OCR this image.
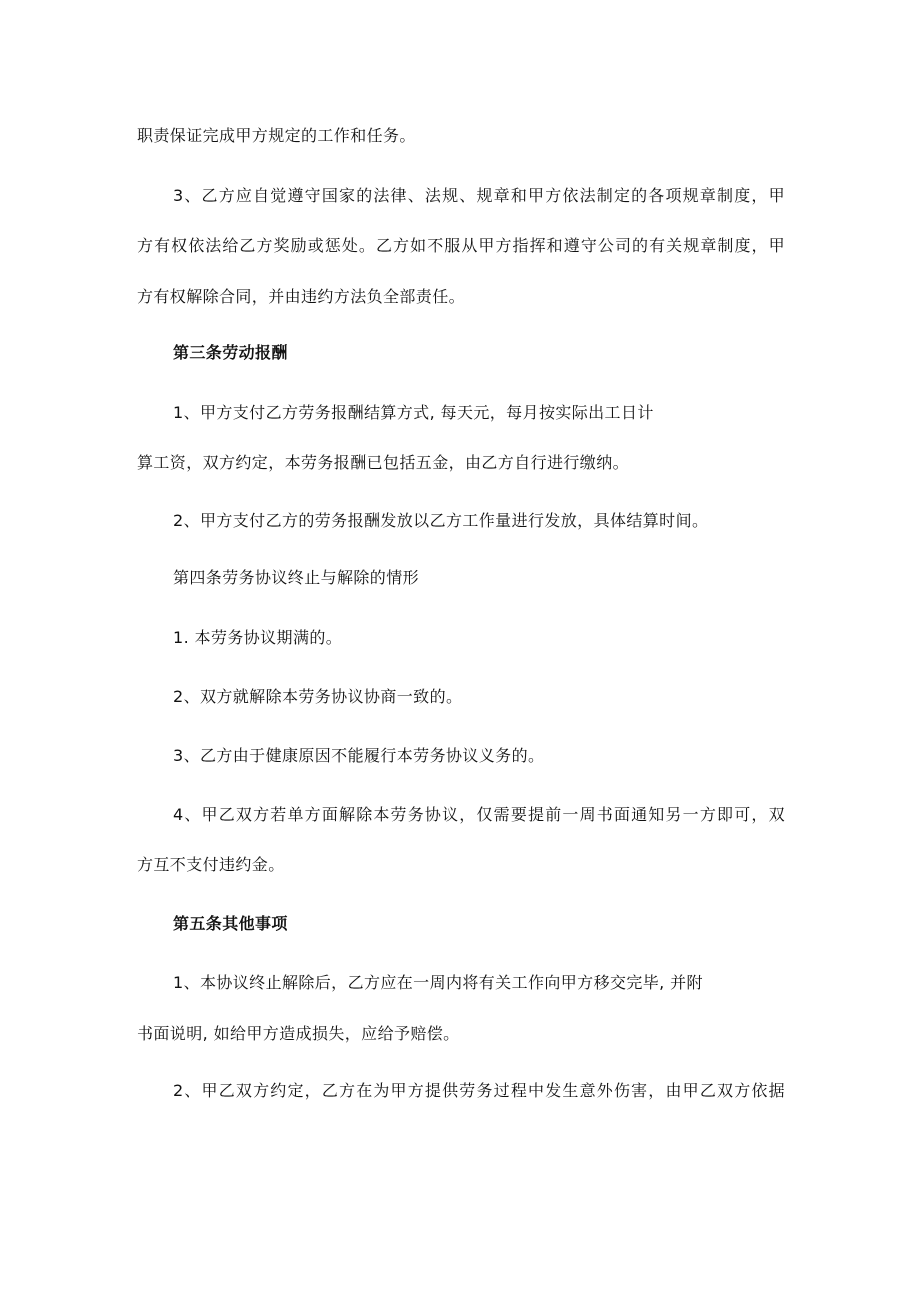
职责保证完成甲方规定的工作和任务。
3、乙方应自觉遵守国家的法律、法规、规章和甲方依法制定的各项规章制度，甲
方有权依法给乙方奖励或惩处。乙方如不服从甲方指挥和遵守公司的有关规章制度，甲
方有权解除合同，并由违约方法负全部责任。
第三条劳动报酬
1、甲方支付乙方劳务报酬结算方式, 每天元，每月按实际出工日计
算工资，双方约定，本劳务报酬已包括五金，由乙方自行进行缴纳。
2、甲方支付乙方的劳务报酬发放以乙方工作量进行发放，具体结算时间。
第四条劳务协议终止与解除的情形
1. 本劳务协议期满的。
2、双方就解除本劳务协议协商一致的。
3、乙方由于健康原因不能履行本劳务协议义务的。
4、甲乙双方若单方面解除本劳务协议，仅需要提前一周书面通知另一方即可，双
方互不支付违约金。
第五条其他事项
1、本协议终止解除后，乙方应在一周内将有关工作向甲方移交完毕, 并附
书面说明, 如给甲方造成损失，应给予赔偿。
2、甲乙双方约定，乙方在为甲方提供劳务过程中发生意外伤害，由甲乙双方依据
